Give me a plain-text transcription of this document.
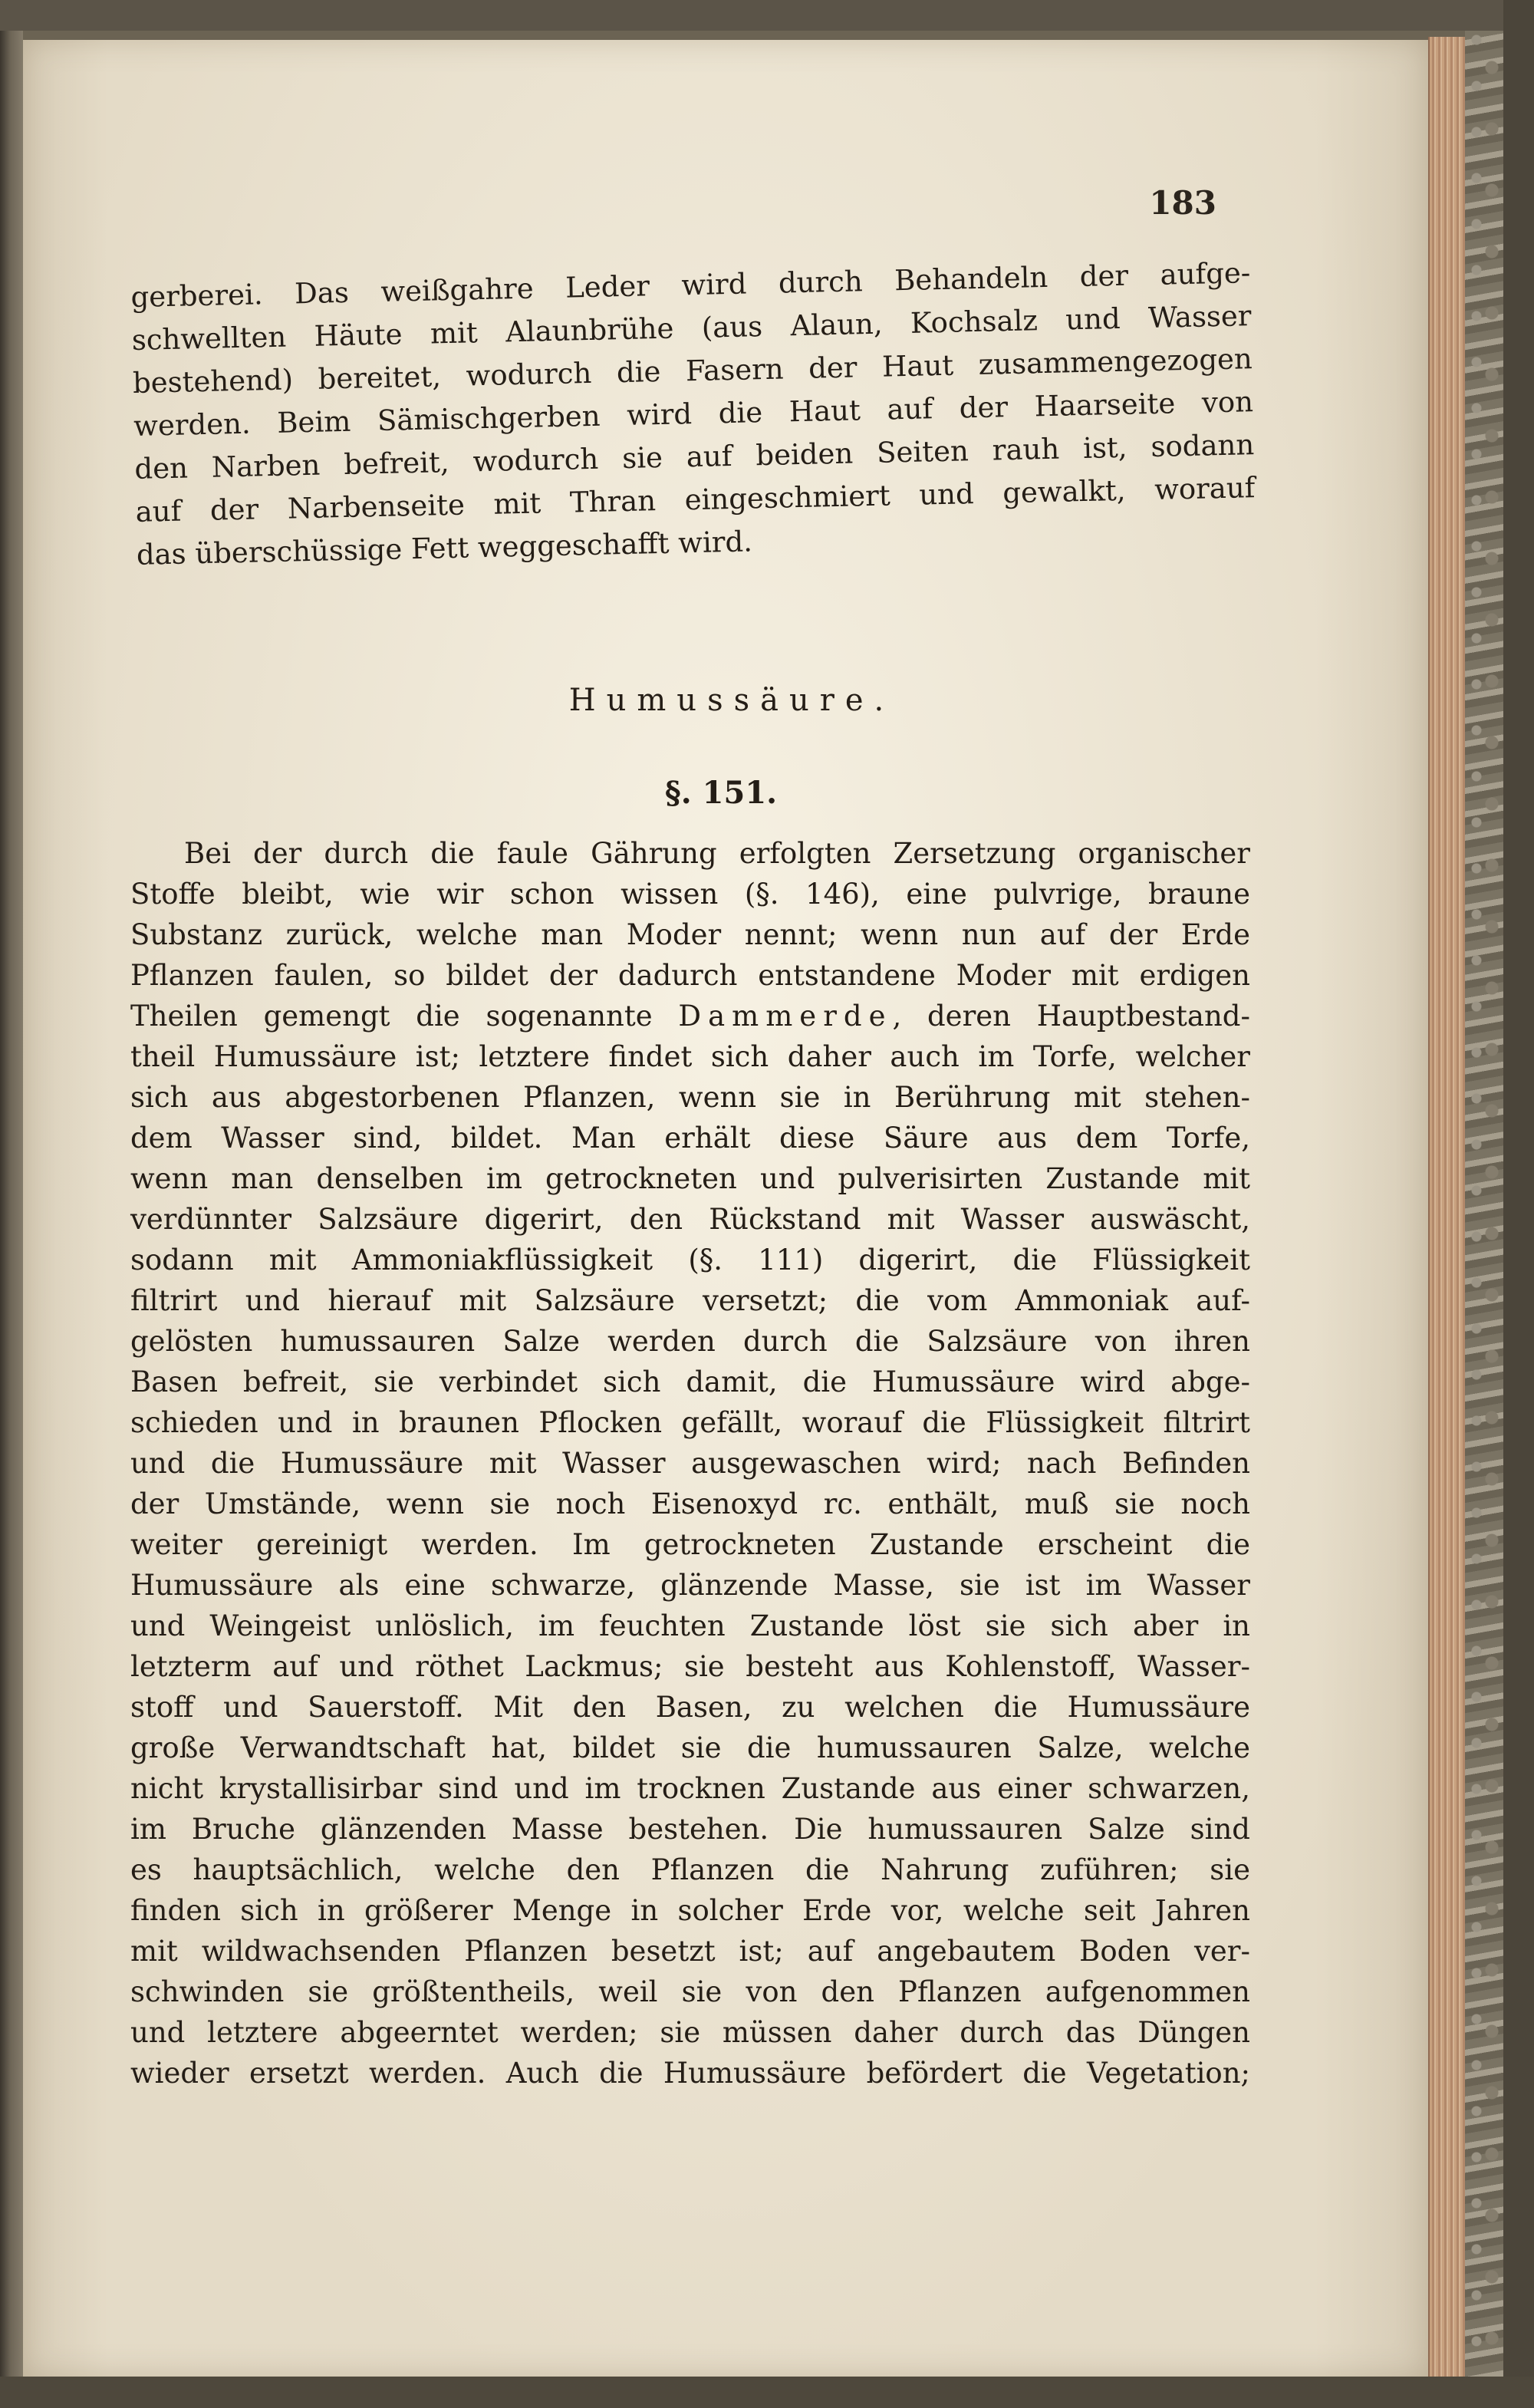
183
gerberei. Das weißgahre Leder wird durch Behandeln der aufge-
schwellten Häute mit Alaunbrühe (aus Alaun, Kochsalz und Wasser
bestehend) bereitet, wodurch die Fasern der Haut zusammengezogen
werden. Beim Sämischgerben wird die Haut auf der Haarseite von
den Narben befreit, wodurch sie auf beiden Seiten rauh ist, sodann
auf der Narbenseite mit Thran eingeschmiert und gewalkt, worauf
das überschüssige Fett weggeschafft wird.
Humussäure.
§. 151.
Bei der durch die faule Gährung erfolgten Zersetzung organischer
Stoffe bleibt, wie wir schon wissen (§. 146), eine pulvrige, braune
Substanz zurück, welche man Moder nennt; wenn nun auf der Erde
Pflanzen faulen, so bildet der dadurch entstandene Moder mit erdigen
Theilen gemengt die sogenannte Dammerde, deren Hauptbestand-
theil Humussäure ist; letztere findet sich daher auch im Torfe, welcher
sich aus abgestorbenen Pflanzen, wenn sie in Berührung mit stehen-
dem Wasser sind, bildet. Man erhält diese Säure aus dem Torfe,
wenn man denselben im getrockneten und pulverisirten Zustande mit
verdünnter Salzsäure digerirt, den Rückstand mit Wasser auswäscht,
sodann mit Ammoniakflüssigkeit (§. 111) digerirt, die Flüssigkeit
filtrirt und hierauf mit Salzsäure versetzt; die vom Ammoniak auf-
gelösten humussauren Salze werden durch die Salzsäure von ihren
Basen befreit, sie verbindet sich damit, die Humussäure wird abge-
schieden und in braunen Pflocken gefällt, worauf die Flüssigkeit filtrirt
und die Humussäure mit Wasser ausgewaschen wird; nach Befinden
der Umstände, wenn sie noch Eisenoxyd rc. enthält, muß sie noch
weiter gereinigt werden. Im getrockneten Zustande erscheint die
Humussäure als eine schwarze, glänzende Masse, sie ist im Wasser
und Weingeist unlöslich, im feuchten Zustande löst sie sich aber in
letzterm auf und röthet Lackmus; sie besteht aus Kohlenstoff, Wasser-
stoff und Sauerstoff. Mit den Basen, zu welchen die Humussäure
große Verwandtschaft hat, bildet sie die humussauren Salze, welche
nicht krystallisirbar sind und im trocknen Zustande aus einer schwarzen,
im Bruche glänzenden Masse bestehen. Die humussauren Salze sind
es hauptsächlich, welche den Pflanzen die Nahrung zuführen; sie
finden sich in größerer Menge in solcher Erde vor, welche seit Jahren
mit wildwachsenden Pflanzen besetzt ist; auf angebautem Boden ver-
schwinden sie größtentheils, weil sie von den Pflanzen aufgenommen
und letztere abgeerntet werden; sie müssen daher durch das Düngen
wieder ersetzt werden. Auch die Humussäure befördert die Vegetation;
